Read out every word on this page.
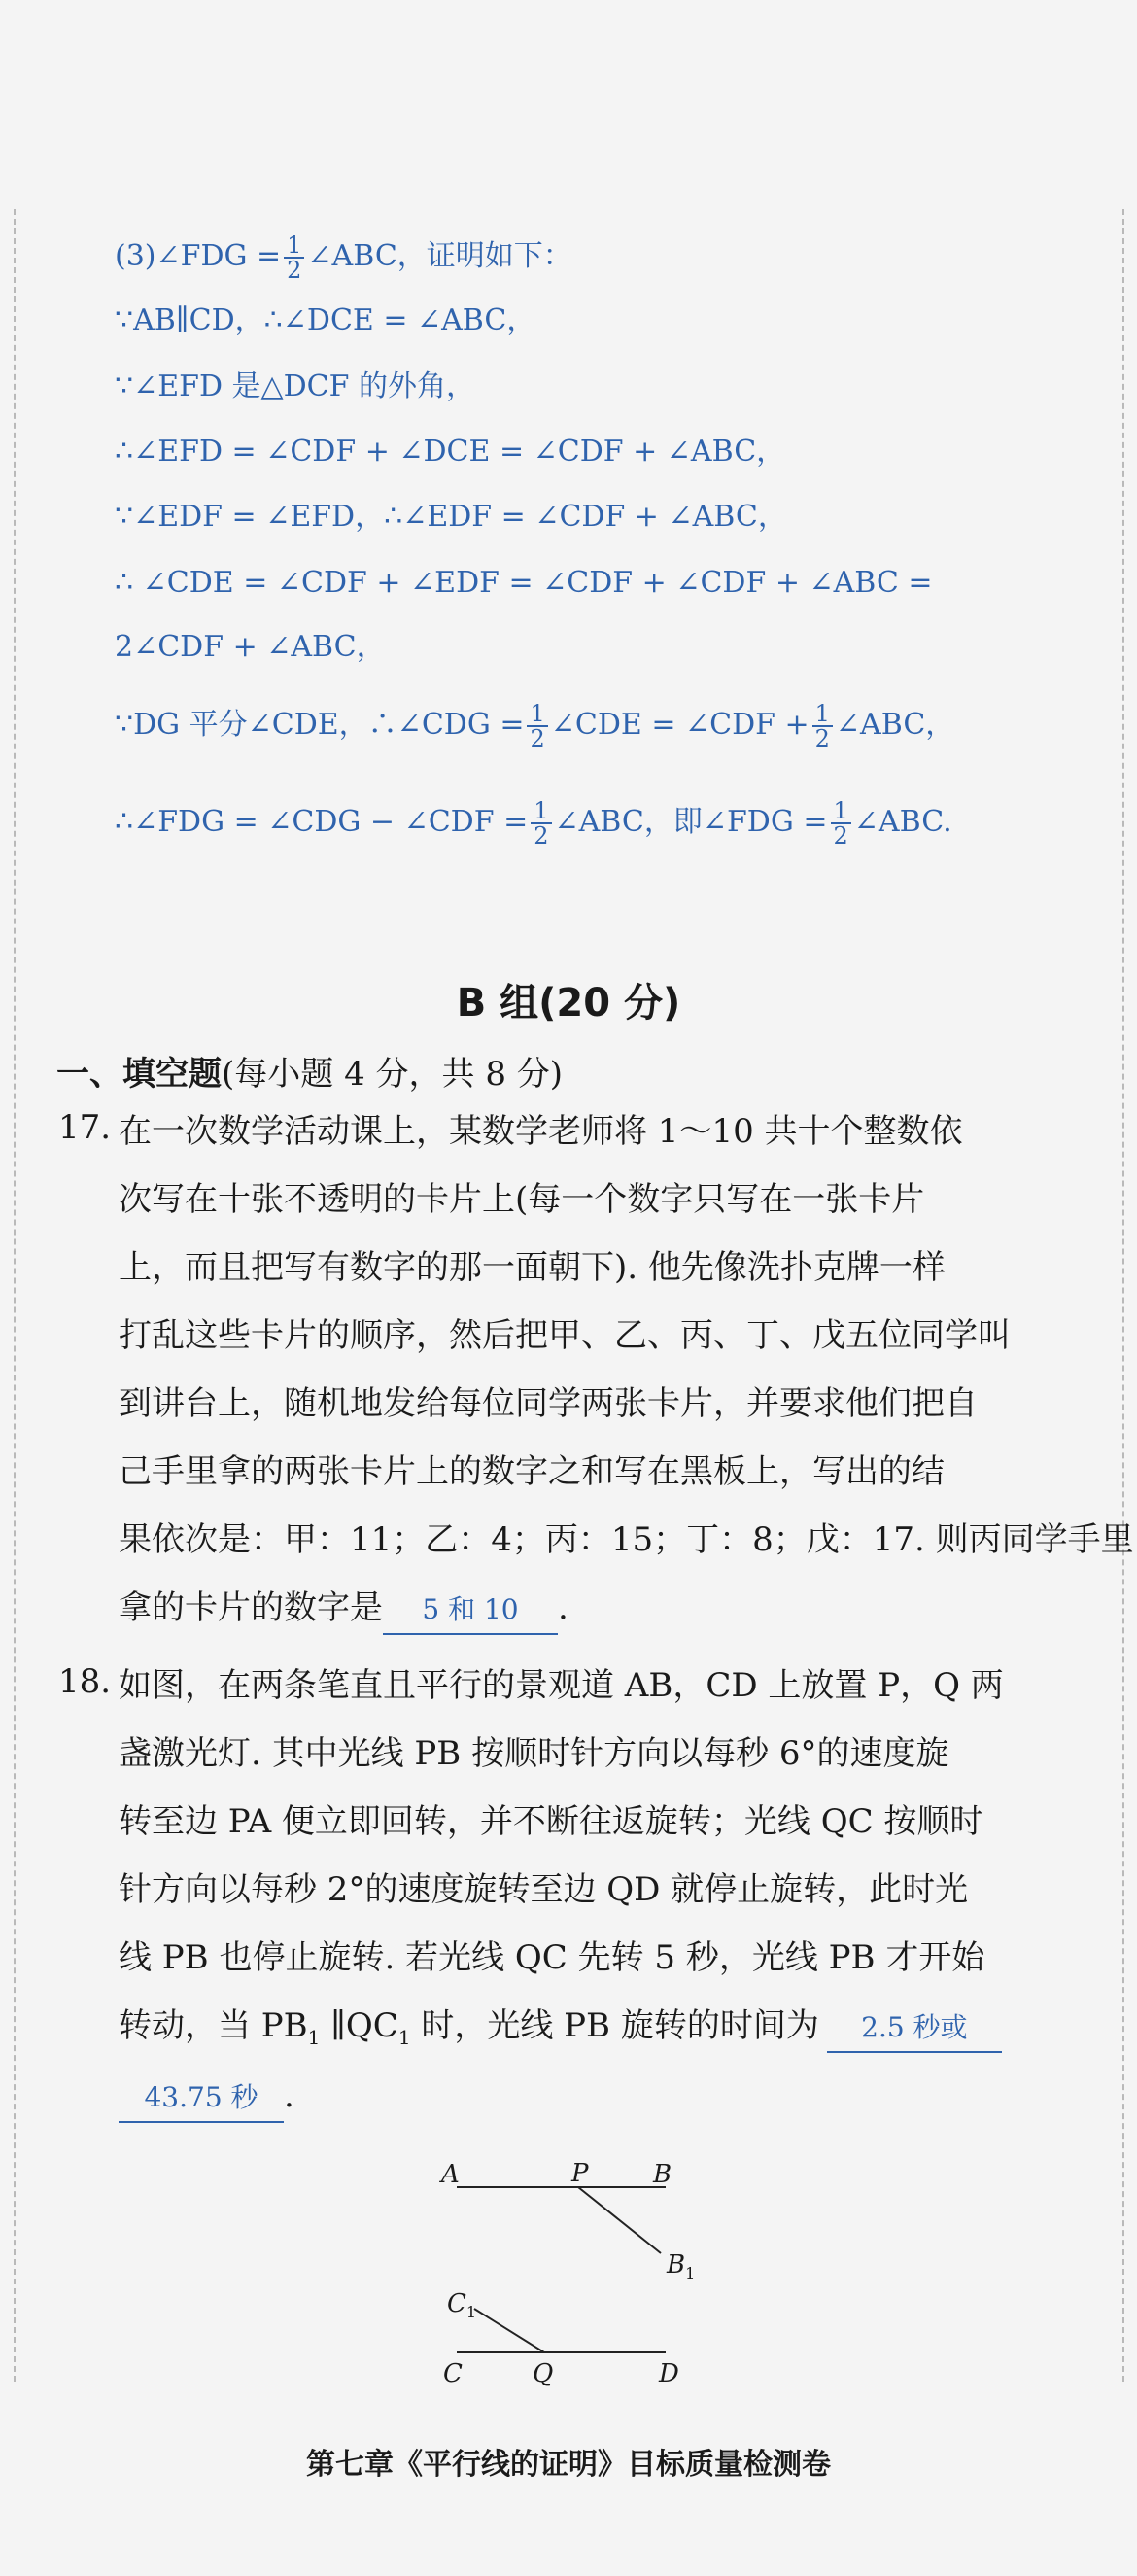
(3)∠FDG = $\frac{1}{2}$ ∠ABC，证明如下：
∵AB∥CD，∴∠DCE = ∠ABC，
∵∠EFD 是△DCF 的外角，
∴∠EFD = ∠CDF + ∠DCE = ∠CDF + ∠ABC，
∵∠EDF = ∠EFD，∴∠EDF = ∠CDF + ∠ABC，
∴ ∠CDE = ∠CDF + ∠EDF = ∠CDF + ∠CDF + ∠ABC =
2∠CDF + ∠ABC，
∵DG 平分∠CDE，∴∠CDG = $\frac{1}{2}$ ∠CDE = ∠CDF + $\frac{1}{2}$ ∠ABC，
∴∠FDG = ∠CDG − ∠CDF = $\frac{1}{2}$ ∠ABC，即∠FDG = $\frac{1}{2}$ ∠ABC.
B 组(20 分)
一、填空题(每小题 4 分，共 8 分)
17. 在一次数学活动课上，某数学老师将 1～10 共十个整数依
次写在十张不透明的卡片上(每一个数字只写在一张卡片
上，而且把写有数字的那一面朝下). 他先像洗扑克牌一样
打乱这些卡片的顺序，然后把甲、乙、丙、丁、戊五位同学叫
到讲台上，随机地发给每位同学两张卡片，并要求他们把自
己手里拿的两张卡片上的数字之和写在黑板上，写出的结
果依次是：甲：11；乙：4；丙：15；丁：8；戊：17. 则丙同学手里
拿的卡片的数字是 5 和 10 .
18. 如图，在两条笔直且平行的景观道 AB，CD 上放置 P，Q 两
盏激光灯. 其中光线 PB 按顺时针方向以每秒 6°的速度旋
转至边 PA 便立即回转，并不断往返旋转；光线 QC 按顺时
针方向以每秒 2°的速度旋转至边 QD 就停止旋转，此时光
线 PB 也停止旋转. 若光线 QC 先转 5 秒，光线 PB 才开始
转动，当 $PB_1$ $\parallel QC_1$ 时，光线 PB 旋转的时间为 2.5 秒或
43.75 秒 .
A	P	B
$B_1$
$C_1$
C	Q	D
第七章《平行线的证明》目标质量检测卷
